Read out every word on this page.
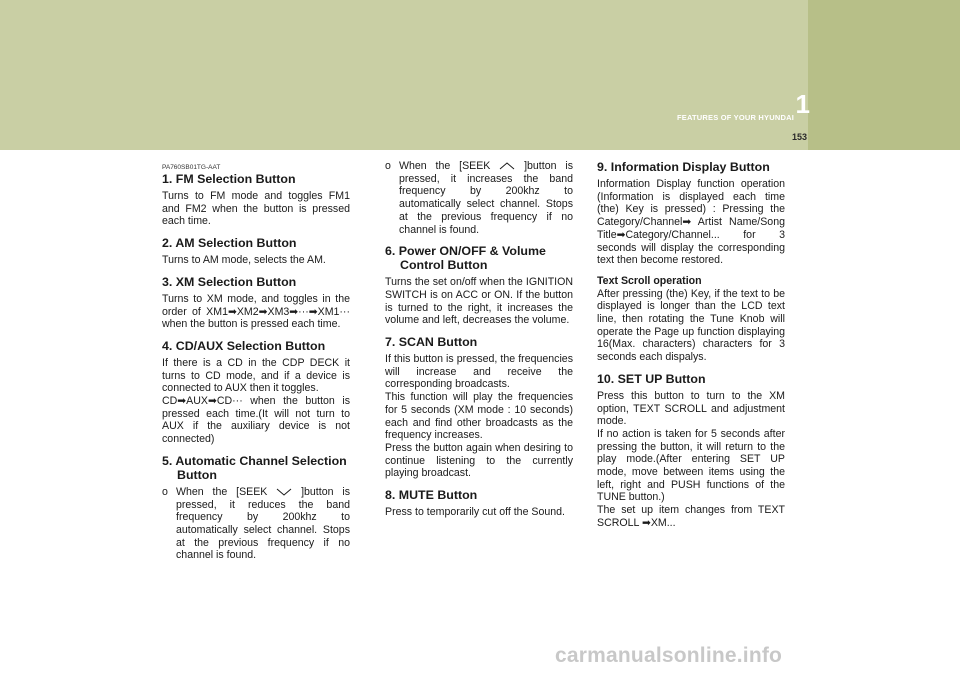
1
FEATURES OF YOUR HYUNDAI
153
PA760SB01TG-AAT
1. FM Selection Button

Turns to FM mode and toggles FM1 and FM2 when the button is pressed each time.

2. AM Selection Button

Turns to AM mode, selects the AM.

3. XM Selection Button

Turns to XM mode, and toggles in the order of XM1➡XM2➡XM3➡···➡XM1··· when the button is pressed each time.

4. CD/AUX Selection Button

If there is a CD in the CDP DECK it turns to CD mode, and if a device is connected to AUX then it toggles.

CD➡AUX➡CD··· when the button is pressed each time.(It will not turn to AUX if the auxiliary device is not connected)

5. Automatic Channel Selection Button
o When the [SEEK  ]button is pressed, it reduces the band frequency by 200khz to automatically select channel. Stops at the previous frequency if no channel is found.
o When the [SEEK  ]button is pressed, it increases the band frequency by 200khz to automatically select channel. Stops at the previous frequency if no channel is found.
6. Power ON/OFF & Volume Control Button

Turns the set on/off when the IGNITION SWITCH is on ACC or ON. If the button is turned to the right, it increases the volume and left, decreases the volume.

7. SCAN Button

If this button is pressed, the frequencies will increase and receive the corresponding broadcasts.

This function will play the frequencies for 5 seconds (XM mode : 10 seconds) each and find other broadcasts as the frequency increases.

Press the button again when desiring to continue listening to the currently playing broadcast.

8. MUTE Button

Press to temporarily cut off the Sound.

9. Information Display Button

Information Display function operation (Information is displayed each time (the) Key is pressed) : Pressing the Category/Channel➡ Artist Name/Song Title➡Category/Channel... for 3 seconds will display the corresponding text then become restored.

Text Scroll operation

After pressing (the) Key, if the text to be displayed is longer than the LCD text line, then rotating the Tune Knob will operate the Page up function displaying 16(Max. characters) characters for 3 seconds each dispalys.

10. SET UP Button

Press this button to turn to the XM option, TEXT SCROLL and adjustment mode.

If no action is taken for 5 seconds after pressing the button, it will return to the play mode.(After entering SET UP mode, move between items using the left, right and PUSH functions of the TUNE button.)

The set up item changes from TEXT SCROLL ➡XM...

carmanualsonline.info
